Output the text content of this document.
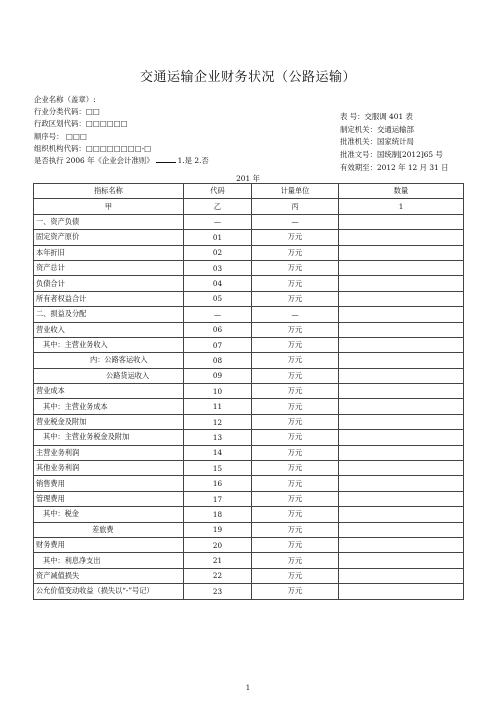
交通运输企业财务状况（公路运输）
企业名称（盖章）:
行业分类代码：□□
行政区划代码：□□□□□□
顺序号： □□□
组织机构代码：□□□□□□□□-□
是否执行 2006 年《企业会计准则》	1.是 2.否
表 号：交服调 401 表
制定机关：交通运输部
批准机关：国家统计局
批准文号：国统制[2012]65 号
有效期至：2012 年 12 月 31 日
201 年
指标名称	代码	计量单位	数量
甲	乙	丙	1
一、资产负债	—	—	
固定资产原价	01	万元	
本年折旧	02	万元	
资产总计	03	万元	
负债合计	04	万元	
所有者权益合计	05	万元	
二、损益及分配	—	—	
营业收入	06	万元	
其中：主营业务收入	07	万元	
内：公路客运收入	08	万元	
公路货运收入	09	万元	
营业成本	10	万元	
其中：主营业务成本	11	万元	
营业税金及附加	12	万元	
其中：主营业务税金及附加	13	万元	
主营业务利润	14	万元	
其他业务利润	15	万元	
销售费用	16	万元	
管理费用	17	万元	
其中：税金	18	万元	
差旅费	19	万元	
财务费用	20	万元	
其中：利息净支出	21	万元	
资产减值损失	22	万元	
公允价值变动收益（损失以“-”号记）	23	万元	
1
